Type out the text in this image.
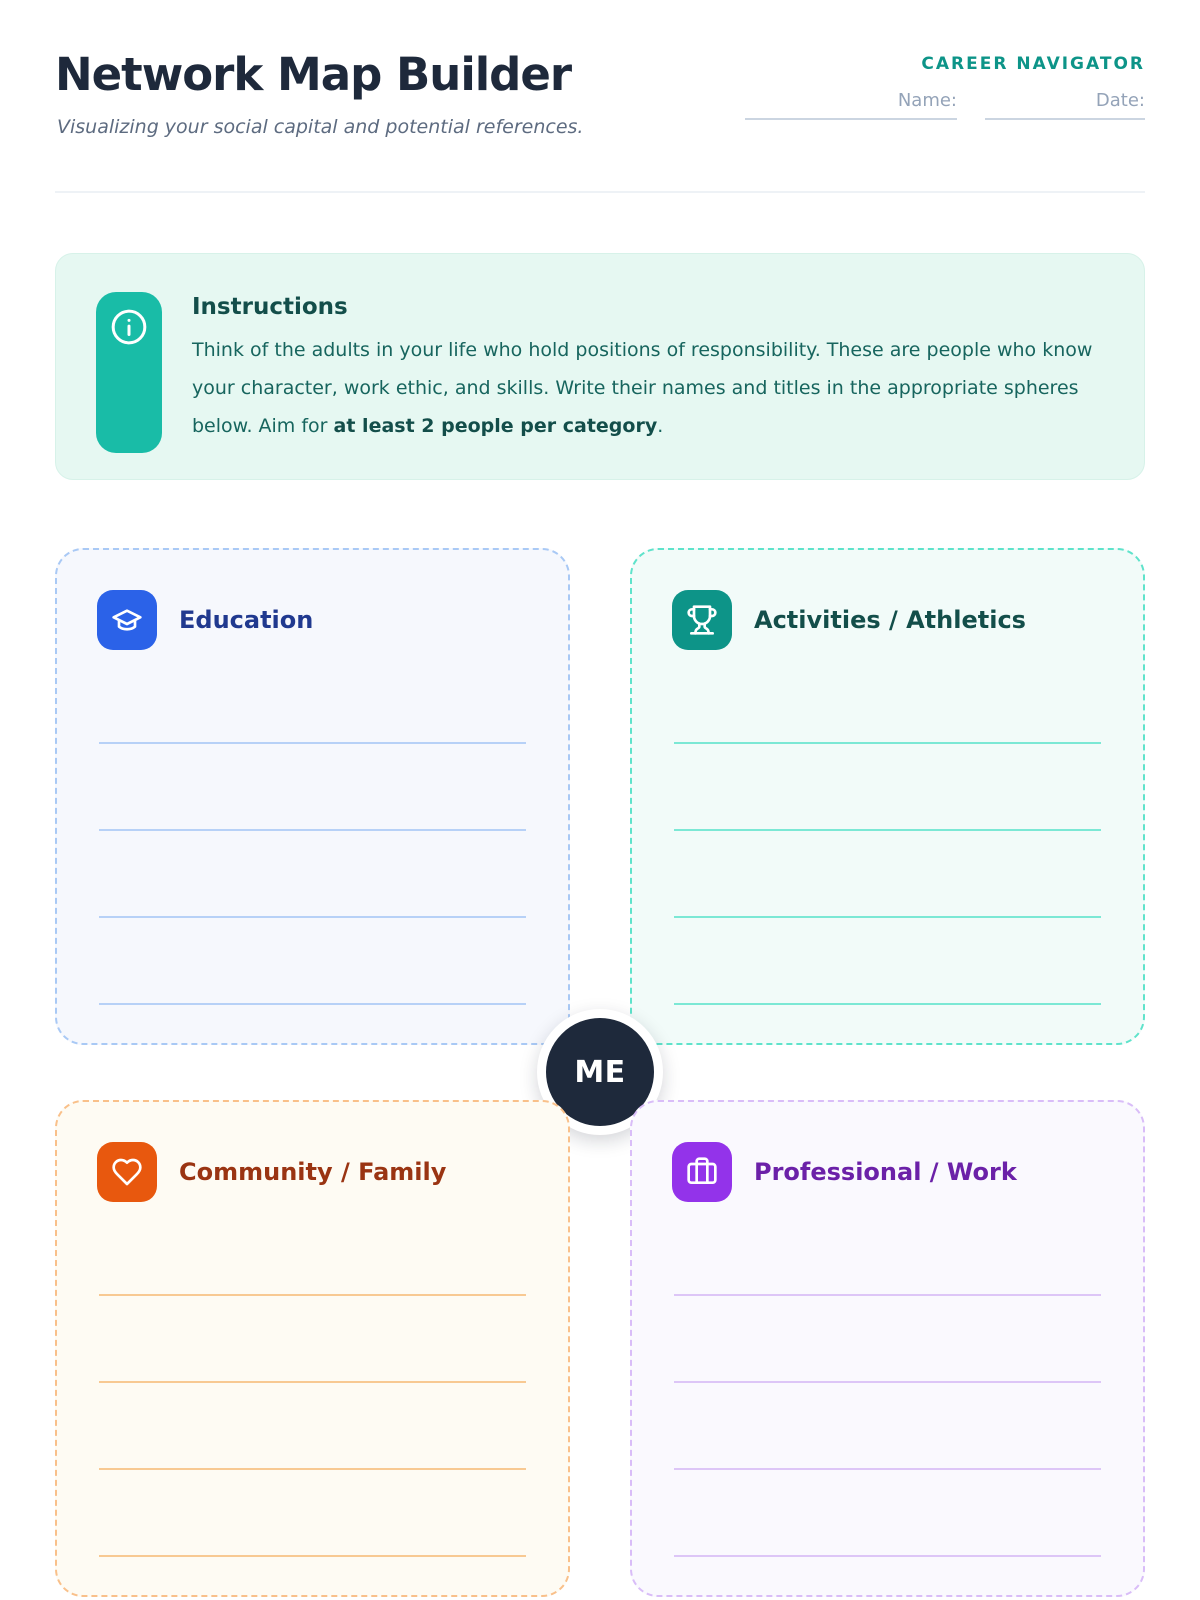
Network Map Builder
Visualizing your social capital and potential references.
CAREER NAVIGATOR
Name:	Date:
Instructions
Think of the adults in your life who hold positions of responsibility. These are people who know your character, work ethic, and skills. Write their names and titles in the appropriate spheres below. Aim for at least 2 people per category.
Education	Activities / Athletics
ME
Community / Family	Professional / Work
